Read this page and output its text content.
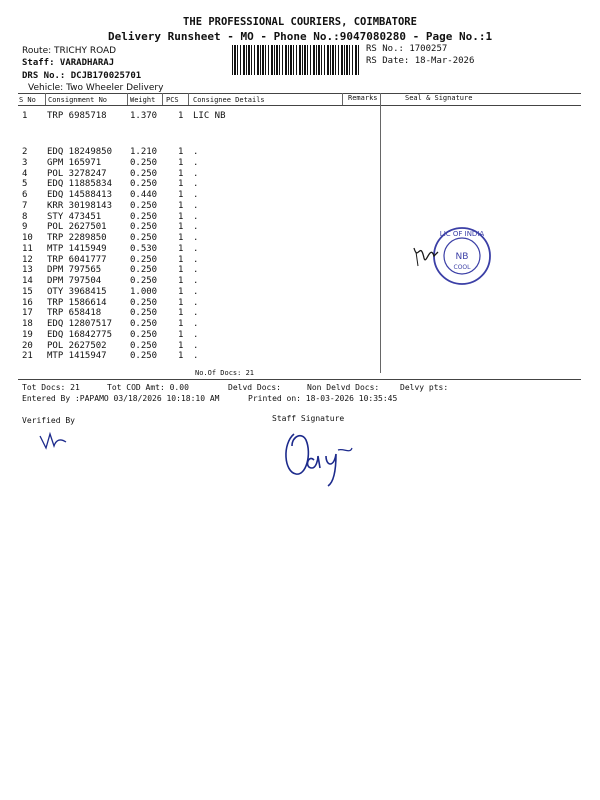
THE PROFESSIONAL COURIERS, COIMBATORE
Delivery Runsheet - MO - Phone No.:9047080280 - Page No.:1
Route: TRICHY ROAD
Staff: VARADHARAJ
DRS No.: DCJB170025701
Vehicle: Two Wheeler Delivery
RS No.: 1700257
RS Date: 18-Mar-2026
S No Consignment No	Weight PCS Consignee Details	Remarks	Seal & Signature
1 TRP 6985718	1.370 1 LIC NB
2 EDQ 18249850 1.210 1 .
3 GPM 165971	0.250 1 .
4 POL 3278247	0.250 1 .
5 EDQ 11885834 0.250 1 .
6 EDQ 14588413 0.440 1 .
7 KRR 30198143 0.250 1 .
8 STY 473451	0.250 1 .
9 POL 2627501	0.250 1 .
10 TRP 2289850	0.250 1 .
11 MTP 1415949	0.530 1 .
12 TRP 6041777	0.250 1 .
13 DPM 797565	0.250 1 .
14 DPM 797504	0.250 1 .
15 OTY 3968415	1.000 1 .
16 TRP 1586614	0.250 1 .
17 TRP 658418	0.250 1 .
18 EDQ 12807517 0.250 1 .
19 EDQ 16842775 0.250 1 .
20 POL 2627502	0.250 1 .
21 MTP 1415947	0.250 1 .
No.Of Docs: 21
LIC OF INDIA
NB
COOL
Tot Docs: 21	Tot COD Amt: 0.00	Delvd Docs:	Non Delvd Docs:	Delvy pts:
Entered By :PAPAMO 03/18/2026 10:18:10 AM	Printed on: 18-03-2026 10:35:45
Verified By	Staff Signature
